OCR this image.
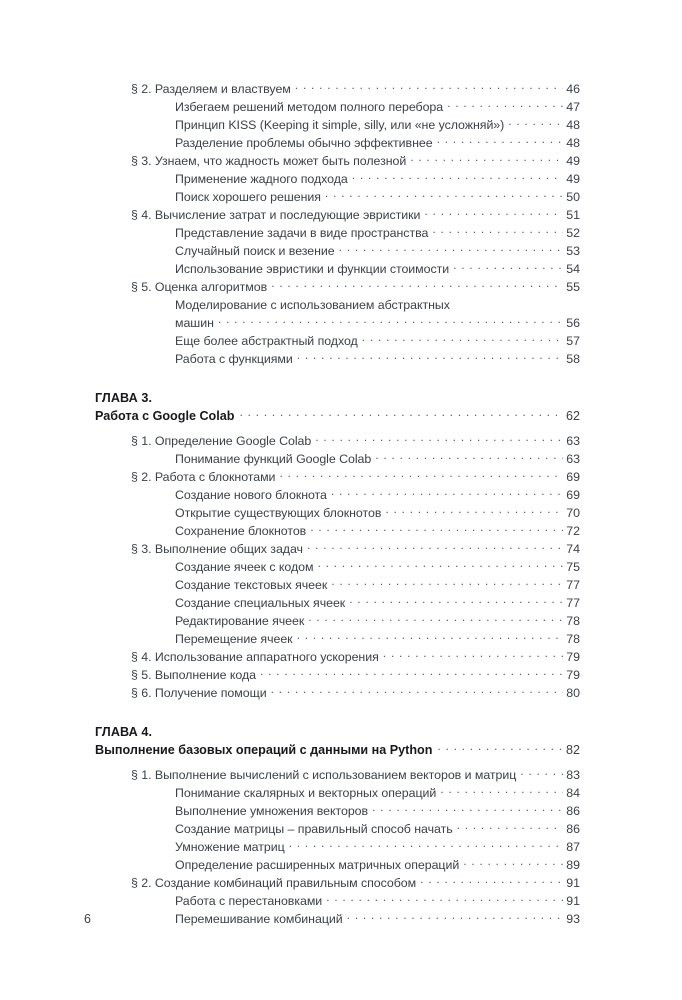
§ 2. Разделяем и властвуем . . .	46
Избегаем решений методом полного перебора . . .	47
Принцип KISS (Keeping it simple, silly, или «не усложняй») . . .	48
Разделение проблемы обычно эффективнее . . .	48
§ 3. Узнаем, что жадность может быть полезной . . .	49
Применение жадного подхода . . .	49
Поиск хорошего решения . . .	50
§ 4. Вычисление затрат и последующие эвристики . . .	51
Представление задачи в виде пространства . . .	52
Случайный поиск и везение . . .	53
Использование эвристики и функции стоимости . . .	54
§ 5. Оценка алгоритмов . . .	55
Моделирование с использованием абстрактных
машин . . .	56
Еще более абстрактный подход . . .	57
Работа с функциями . . .	58
ГЛАВА 3.
Работа с Google Colab . . .	62
§ 1. Определение Google Colab . . .	63
Понимание функций Google Colab . . .	63
§ 2. Работа с блокнотами . . .	69
Создание нового блокнота . . .	69
Открытие существующих блокнотов . . .	70
Сохранение блокнотов . . .	72
§ 3. Выполнение общих задач . . .	74
Создание ячеек с кодом . . .	75
Создание текстовых ячеек . . .	77
Создание специальных ячеек . . .	77
Редактирование ячеек . . .	78
Перемещение ячеек . . .	78
§ 4. Использование аппаратного ускорения . . .	79
§ 5. Выполнение кода . . .	79
§ 6. Получение помощи . . .	80
ГЛАВА 4.
Выполнение базовых операций с данными на Python . . .	82
§ 1. Выполнение вычислений с использованием векторов и матриц . . .	83
Понимание скалярных и векторных операций . . .	84
Выполнение умножения векторов . . .	86
Создание матрицы – правильный способ начать . . .	86
Умножение матриц . . .	87
Определение расширенных матричных операций . . .	89
§ 2. Создание комбинаций правильным способом . . .	91
Работа с перестановками . . .	91
Перемешивание комбинаций . . .	93
6
